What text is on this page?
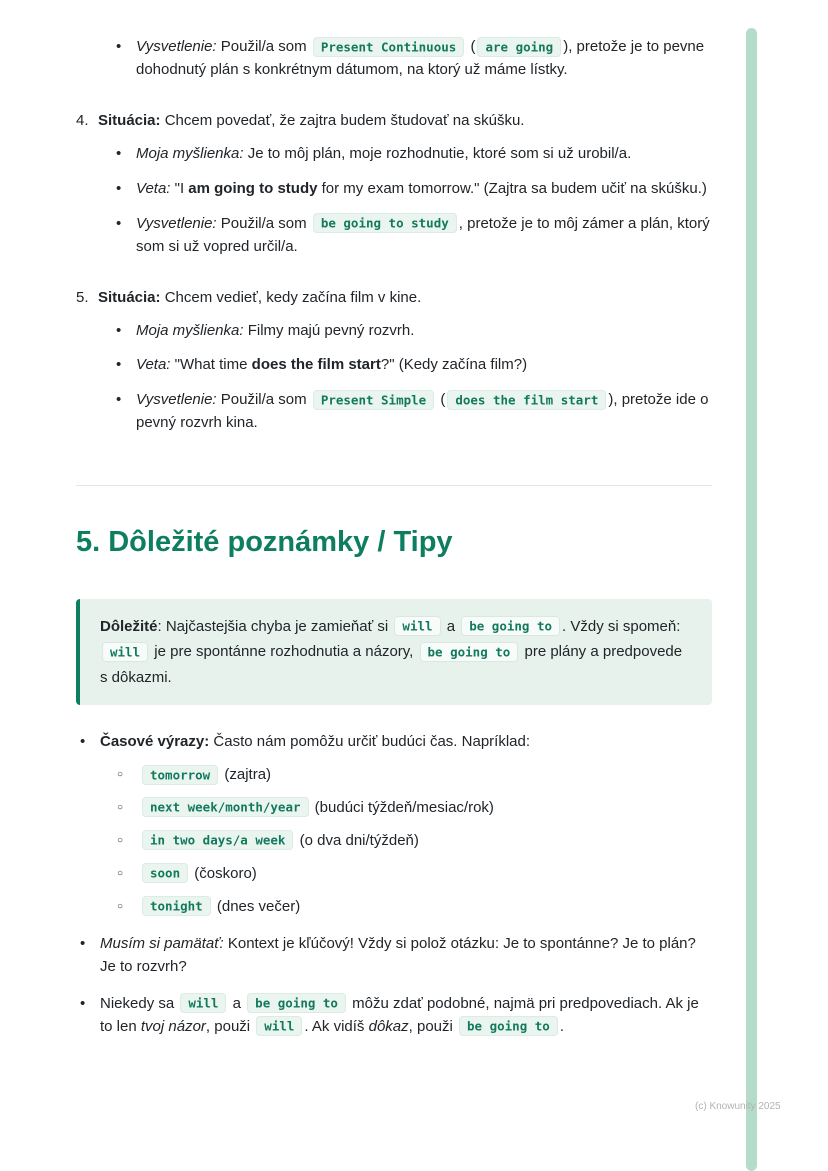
• Vysvetlenie: Použil/a som Present Continuous ( are going ), pretože je to pevne dohodnutý plán s konkrétnym dátumom, na ktorý už máme lístky.

4. Situácia: Chcem povedať, že zajtra budem študovať na skúšku.

• Moja myšlienka: Je to môj plán, moje rozhodnutie, ktoré som si už urobil/a.

• Veta: "I am going to study for my exam tomorrow." (Zajtra sa budem učiť na skúšku.)

• Vysvetlenie: Použil/a som be going to study , pretože je to môj zámer a plán, ktorý som si už vopred určil/a.

5. Situácia: Chcem vedieť, kedy začína film v kine.

• Moja myšlienka: Filmy majú pevný rozvrh.

• Veta: "What time does the film start?" (Kedy začína film?)

• Vysvetlenie: Použil/a som Present Simple ( does the film start ), pretože ide o pevný rozvrh kina.

5. Dôležité poznámky / Tipy

Dôležité: Najčastejšia chyba je zamieňať si will a be going to . Vždy si spomeň: will je pre spontánne rozhodnutia a názory, be going to pre plány a predpovede s dôkazmi.

• Časové výrazy: Často nám pomôžu určiť budúci čas. Napríklad:

○ tomorrow (zajtra)

○ next week/month/year (budúci týždeň/mesiac/rok)

○ in two days/a week (o dva dni/týždeň)

○ soon (čoskoro)

○ tonight (dnes večer)

• Musím si pamätať: Kontext je kľúčový! Vždy si polož otázku: Je to spontánne? Je to plán? Je to rozvrh?

• Niekedy sa will a be going to môžu zdať podobné, najmä pri predpovediach. Ak je to len tvoj názor, použi will . Ak vidíš dôkaz, použi be going to .

(c) Knowunity 2025
